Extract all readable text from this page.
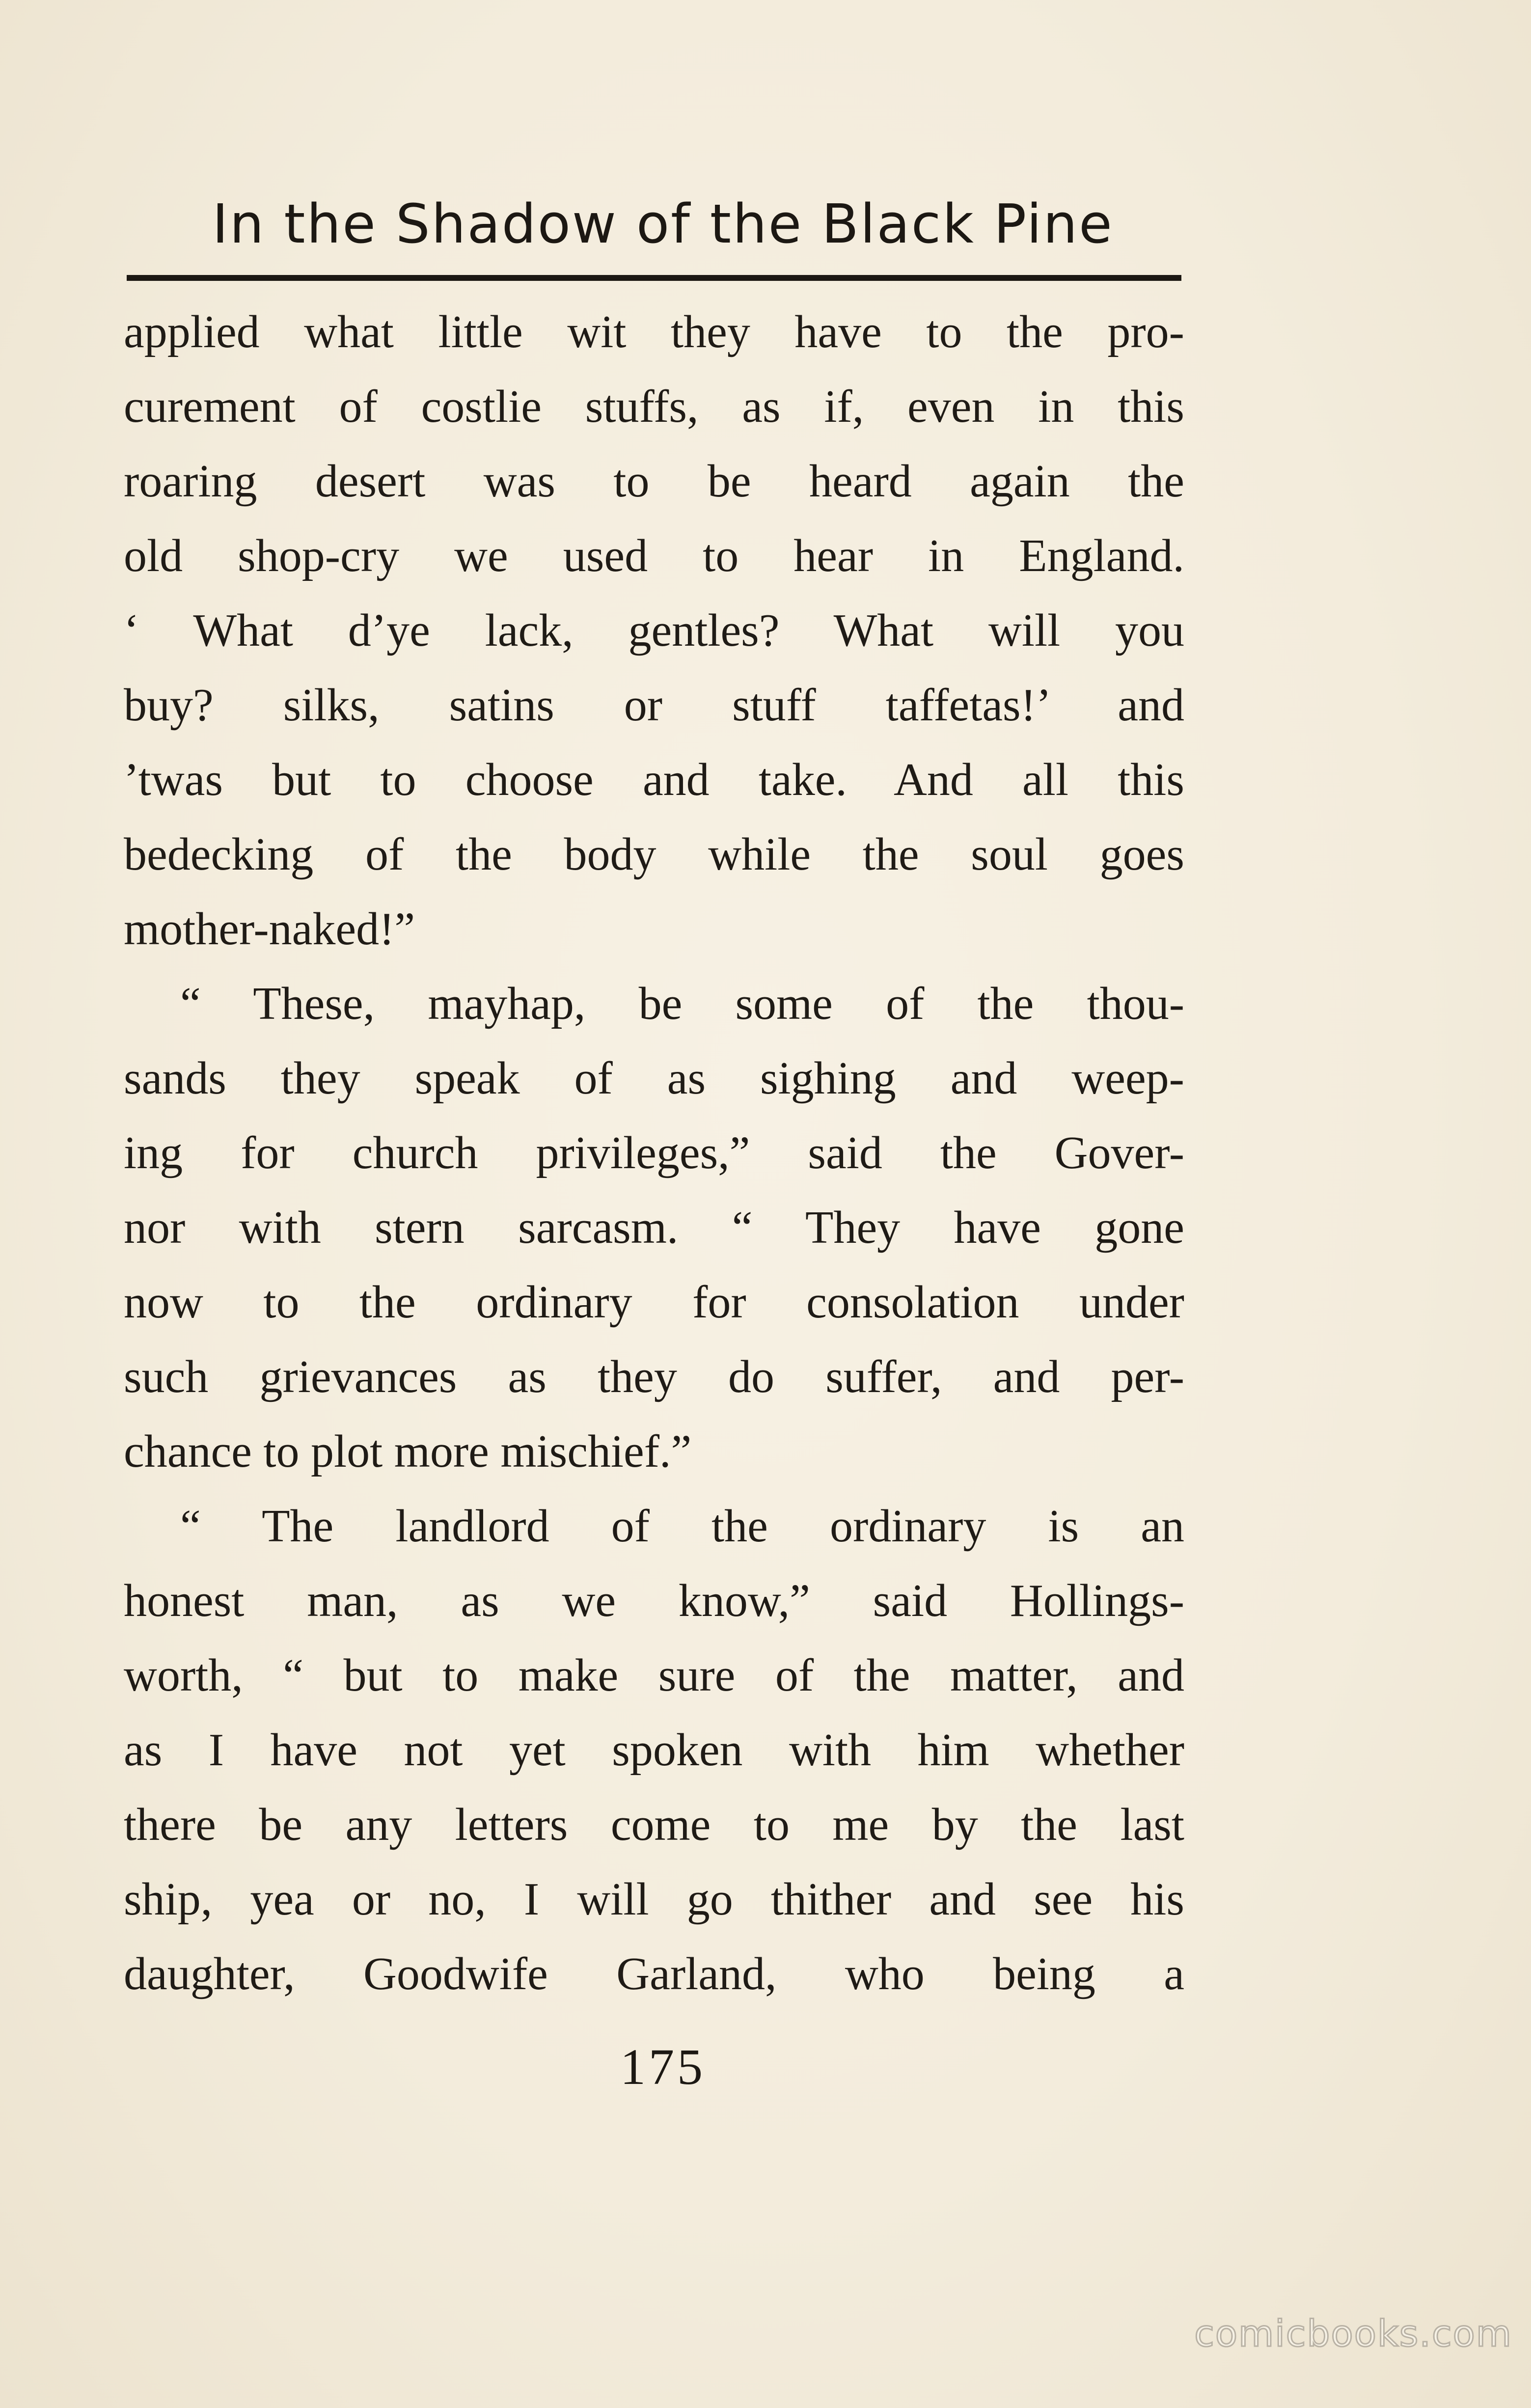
In the Shadow of the Black Pine
applied what little wit they have to the pro-
curement of costlie stuffs, as if, even in this
roaring desert was to be heard again the
old shop-cry we used to hear in England.
‘ What d’ye lack, gentles? What will you
buy? silks, satins or stuff taffetas!’ and
’twas but to choose and take. And all this
bedecking of the body while the soul goes
mother-naked!”
“ These, mayhap, be some of the thou-
sands they speak of as sighing and weep-
ing for church privileges,” said the Gover-
nor with stern sarcasm. “ They have gone
now to the ordinary for consolation under
such grievances as they do suffer, and per-
chance to plot more mischief.”
“ The landlord of the ordinary is an
honest man, as we know,” said Hollings-
worth, “ but to make sure of the matter, and
as I have not yet spoken with him whether
there be any letters come to me by the last
ship, yea or no, I will go thither and see his
daughter, Goodwife Garland, who being a
175
comicbooks.com
